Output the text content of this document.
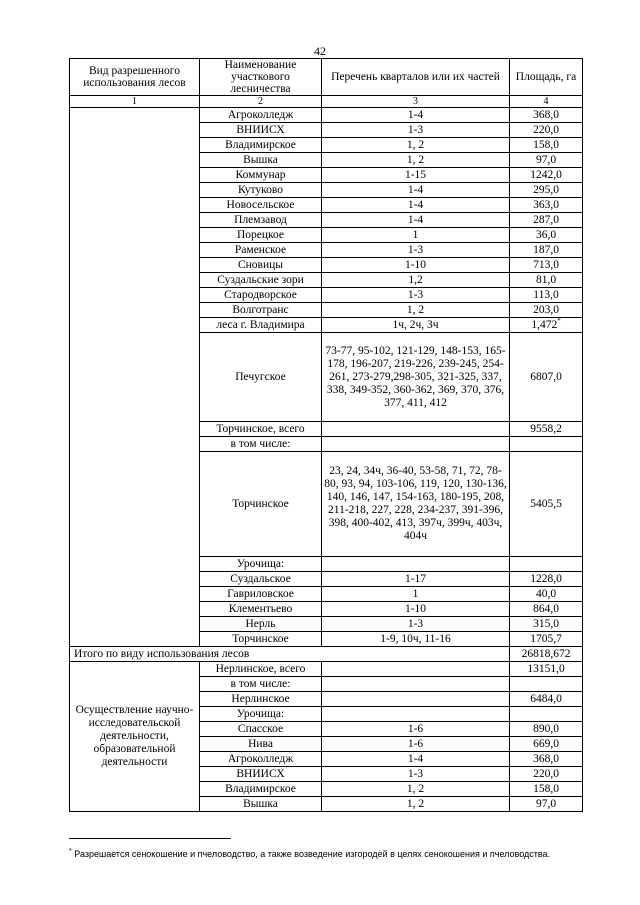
42
Вид разрешенного использования лесов	Наименование участкового лесничества	Перечень кварталов или их частей	Площадь, га
1	2	3	4
	Агроколледж	1-4	368,0
	ВНИИСХ	1-3	220,0
	Владимирское	1, 2	158,0
	Вышка	1, 2	97,0
	Коммунар	1-15	1242,0
	Кутуково	1-4	295,0
	Новосельское	1-4	363,0
	Племзавод	1-4	287,0
	Порецкое	1	36,0
	Раменское	1-3	187,0
	Сновицы	1-10	713,0
	Суздальские зори	1,2	81,0
	Стародворское	1-3	113,0
	Волготранс	1, 2	203,0
	леса г. Владимира	1ч, 2ч, 3ч	1,472*
	Печугское	73-77, 95-102, 121-129, 148-153, 165-178, 196-207, 219-226, 239-245, 254-261, 273-279,298-305, 321-325, 337, 338, 349-352, 360-362, 369, 370, 376, 377, 411, 412	6807,0
	Торчинское, всего		9558,2
	в том числе:		
	Торчинское	23, 24, 34ч, 36-40, 53-58, 71, 72, 78-80, 93, 94, 103-106, 119, 120, 130-136, 140, 146, 147, 154-163, 180-195, 208, 211-218, 227, 228, 234-237, 391-396, 398, 400-402, 413, 397ч, 399ч, 403ч, 404ч	5405,5
	Урочища:		
	Суздальское	1-17	1228,0
	Гавриловское	1	40,0
	Клементьево	1-10	864,0
	Нерль	1-3	315,0
	Торчинское	1-9, 10ч, 11-16	1705,7
Итого по виду использования лесов			26818,672
Осуществление научно-исследовательской деятельности, образовательной деятельности	Нерлинское, всего		13151,0
	в том числе:		
	Нерлинское		6484,0
	Урочища:		
	Спасское	1-6	890,0
	Нива	1-6	669,0
	Агроколледж	1-4	368,0
	ВНИИСХ	1-3	220,0
	Владимирское	1, 2	158,0
	Вышка	1, 2	97,0
* Разрешается сенокошение и пчеловодство, а также возведение изгородей в целях сенокошения и пчеловодства.
